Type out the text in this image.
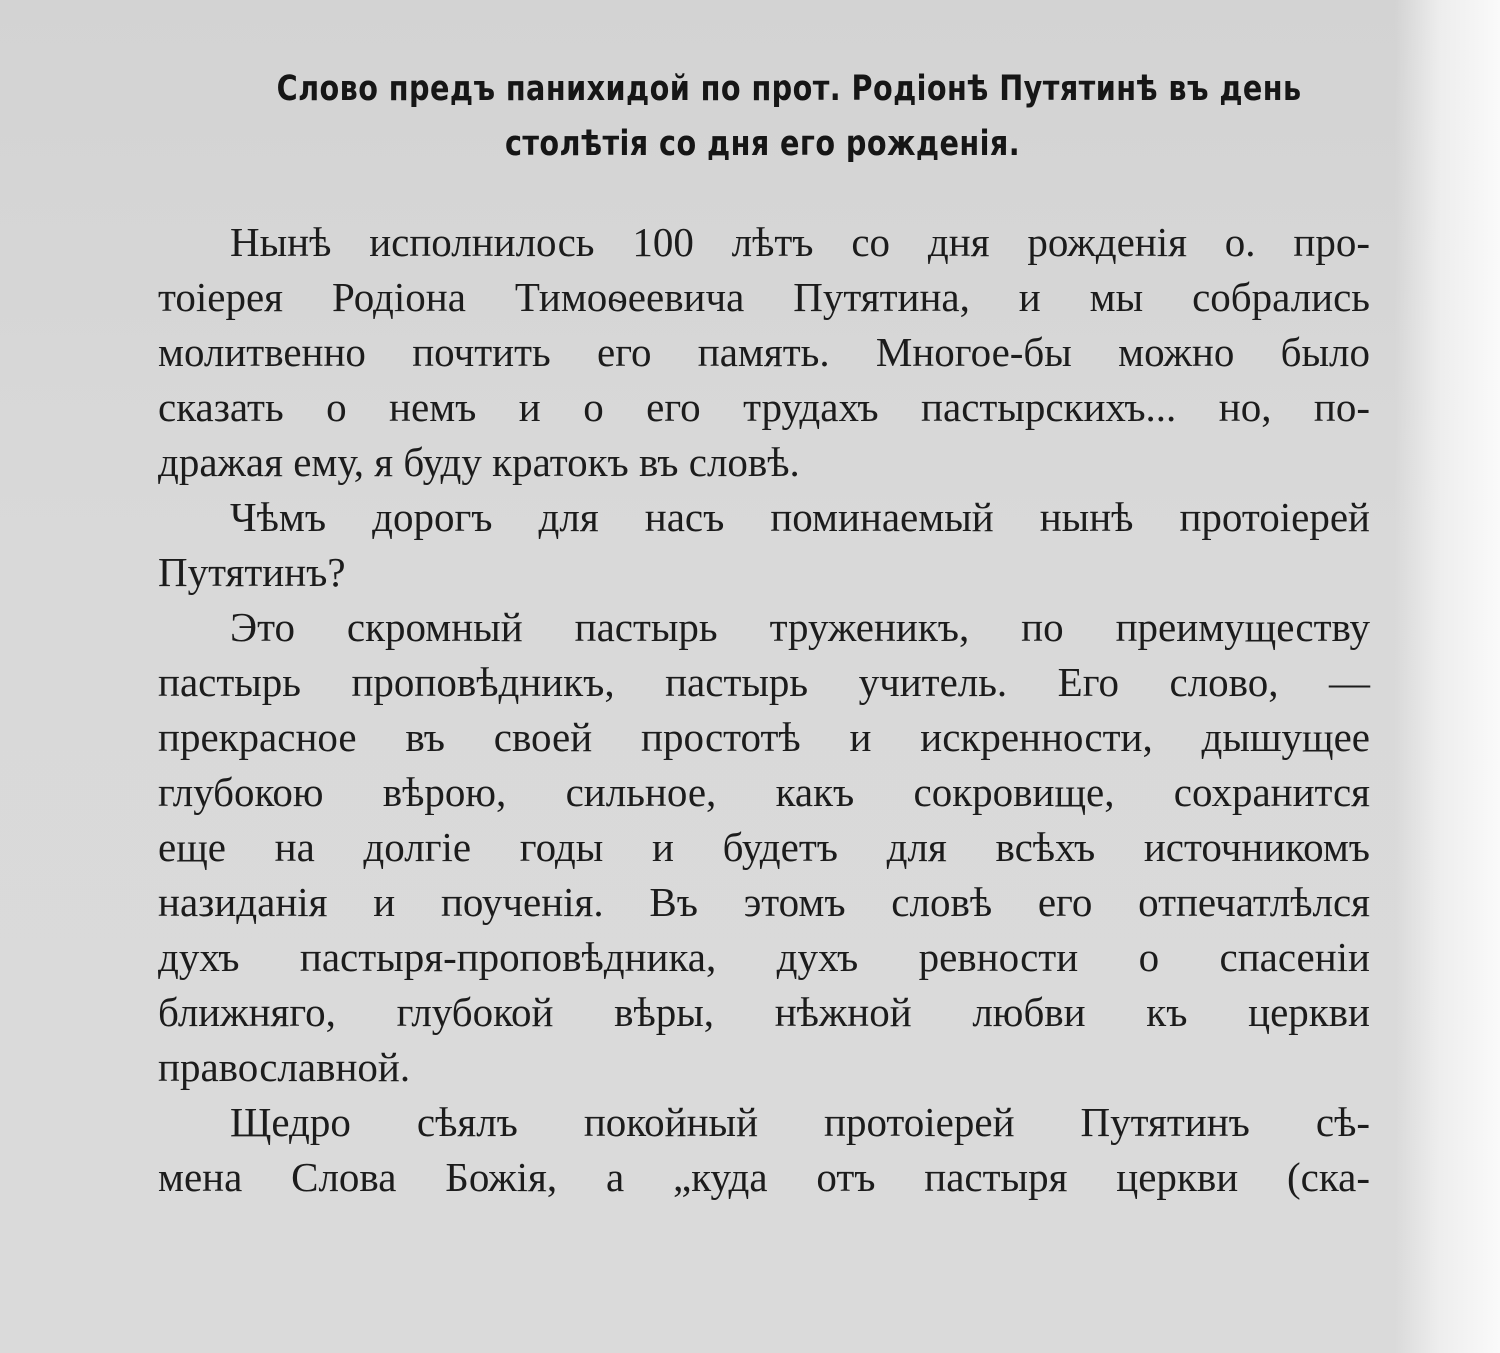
Слово предъ панихидой по прот. Родіонѣ Путятинѣ въ день
столѣтія со дня его рожденія.
Нынѣ исполнилось 100 лѣтъ со дня рожденія о. про-
тоіерея Родіона Тимоѳеевича Путятина, и мы собрались
молитвенно почтить его память. Многое-бы можно было
сказать о немъ и о его трудахъ пастырскихъ... но, по-
дражая ему, я буду кратокъ въ словѣ.
Чѣмъ дорогъ для насъ поминаемый нынѣ протоіерей
Путятинъ?
Это скромный пастырь труженикъ, по преимуществу
пастырь проповѣдникъ, пастырь учитель. Его слово, —
прекрасное въ своей простотѣ и искренности, дышущее
глубокою вѣрою, сильное, какъ сокровище, сохранится
еще на долгіе годы и будетъ для всѣхъ источникомъ
назиданія и поученія. Въ этомъ словѣ его отпечатлѣлся
духъ пастыря-проповѣдника, духъ ревности о спасеніи
ближняго, глубокой вѣры, нѣжной любви къ церкви
православной.
Щедро сѣялъ покойный протоіерей Путятинъ сѣ-
мена Слова Божія, а „куда отъ пастыря церкви (ска-
